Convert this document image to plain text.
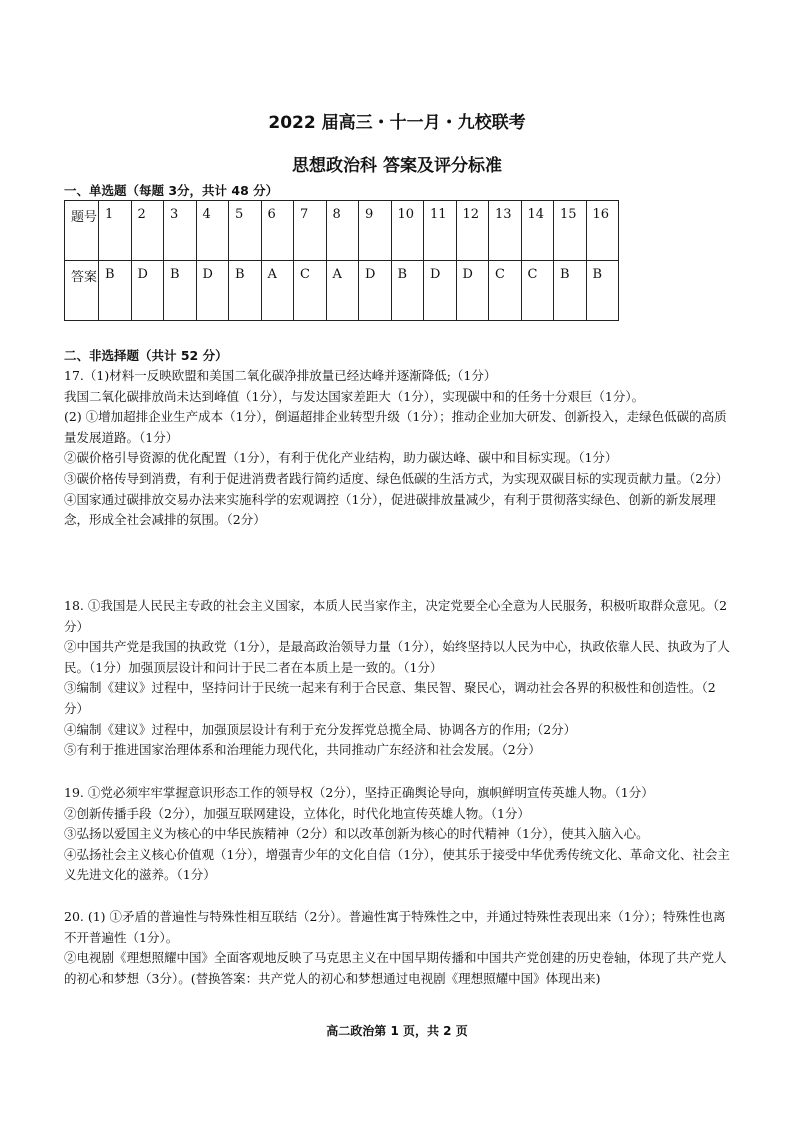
2022 届高三・十一月・九校联考
思想政治科 答案及评分标准
一、单选题（每题 3分，共计 48 分）
题号	1	2	3	4	5	6	7	8	9	10	11	12	13	14	15	16
答案	B	D	B	D	B	A	C	A	D	B	D	D	C	C	B	B
二、非选择题（共计 52 分）

17.（1)材料一反映欧盟和美国二氧化碳净排放量已经达峰并逐渐降低;（1分）

我国二氧化碳排放尚未达到峰值（1分），与发达国家差距大（1分），实现碳中和的任务十分艰巨（1分）。

(2) ①增加超排企业生产成本（1分），倒逼超排企业转型升级（1分）；推动企业加大研发、创新投入，走绿色低碳的高质量发展道路。（1分）

②碳价格引导资源的优化配置（1分），有利于优化产业结构，助力碳达峰、碳中和目标实现。（1分）

③碳价格传导到消费，有利于促进消费者践行简约适度、绿色低碳的生活方式，为实现双碳目标的实现贡献力量。（2分）

④国家通过碳排放交易办法来实施科学的宏观调控（1分），促进碳排放量减少，有利于贯彻落实绿色、创新的新发展理念，形成全社会减排的氛围。（2分）

18. ①我国是人民民主专政的社会主义国家，本质人民当家作主，决定党要全心全意为人民服务，积极听取群众意见。（2分）

②中国共产党是我国的执政党（1分），是最高政治领导力量（1分），始终坚持以人民为中心，执政依靠人民、执政为了人民。（1分）加强顶层设计和问计于民二者在本质上是一致的。（1分）

③编制《建议》过程中，坚持问计于民统一起来有利于合民意、集民智、聚民心，调动社会各界的积极性和创造性。（2分）

④编制《建议》过程中，加强顶层设计有利于充分发挥党总揽全局、协调各方的作用;（2分）

⑤有利于推进国家治理体系和治理能力现代化，共同推动广东经济和社会发展。（2分）

19. ①党必须牢牢掌握意识形态工作的领导权（2分），坚持正确舆论导向，旗帜鲜明宣传英雄人物。（1分）

②创新传播手段（2分），加强互联网建设，立体化，时代化地宣传英雄人物。（1分）

③弘扬以爱国主义为核心的中华民族精神（2分）和以改革创新为核心的时代精神（1分），使其入脑入心。

④弘扬社会主义核心价值观（1分），增强青少年的文化自信（1分），使其乐于接受中华优秀传统文化、革命文化、社会主义先进文化的滋养。（1分）

20. (1) ①矛盾的普遍性与特殊性相互联结（2分）。普遍性寓于特殊性之中，并通过特殊性表现出来（1分）；特殊性也离不开普遍性（1分）。

②电视剧《理想照耀中国》全面客观地反映了马克思主义在中国早期传播和中国共产党创建的历史卷轴，体现了共产党人的初心和梦想（3分）。(替换答案：共产党人的初心和梦想通过电视剧《理想照耀中国》体现出来)

高二政治第 1 页，共 2 页
